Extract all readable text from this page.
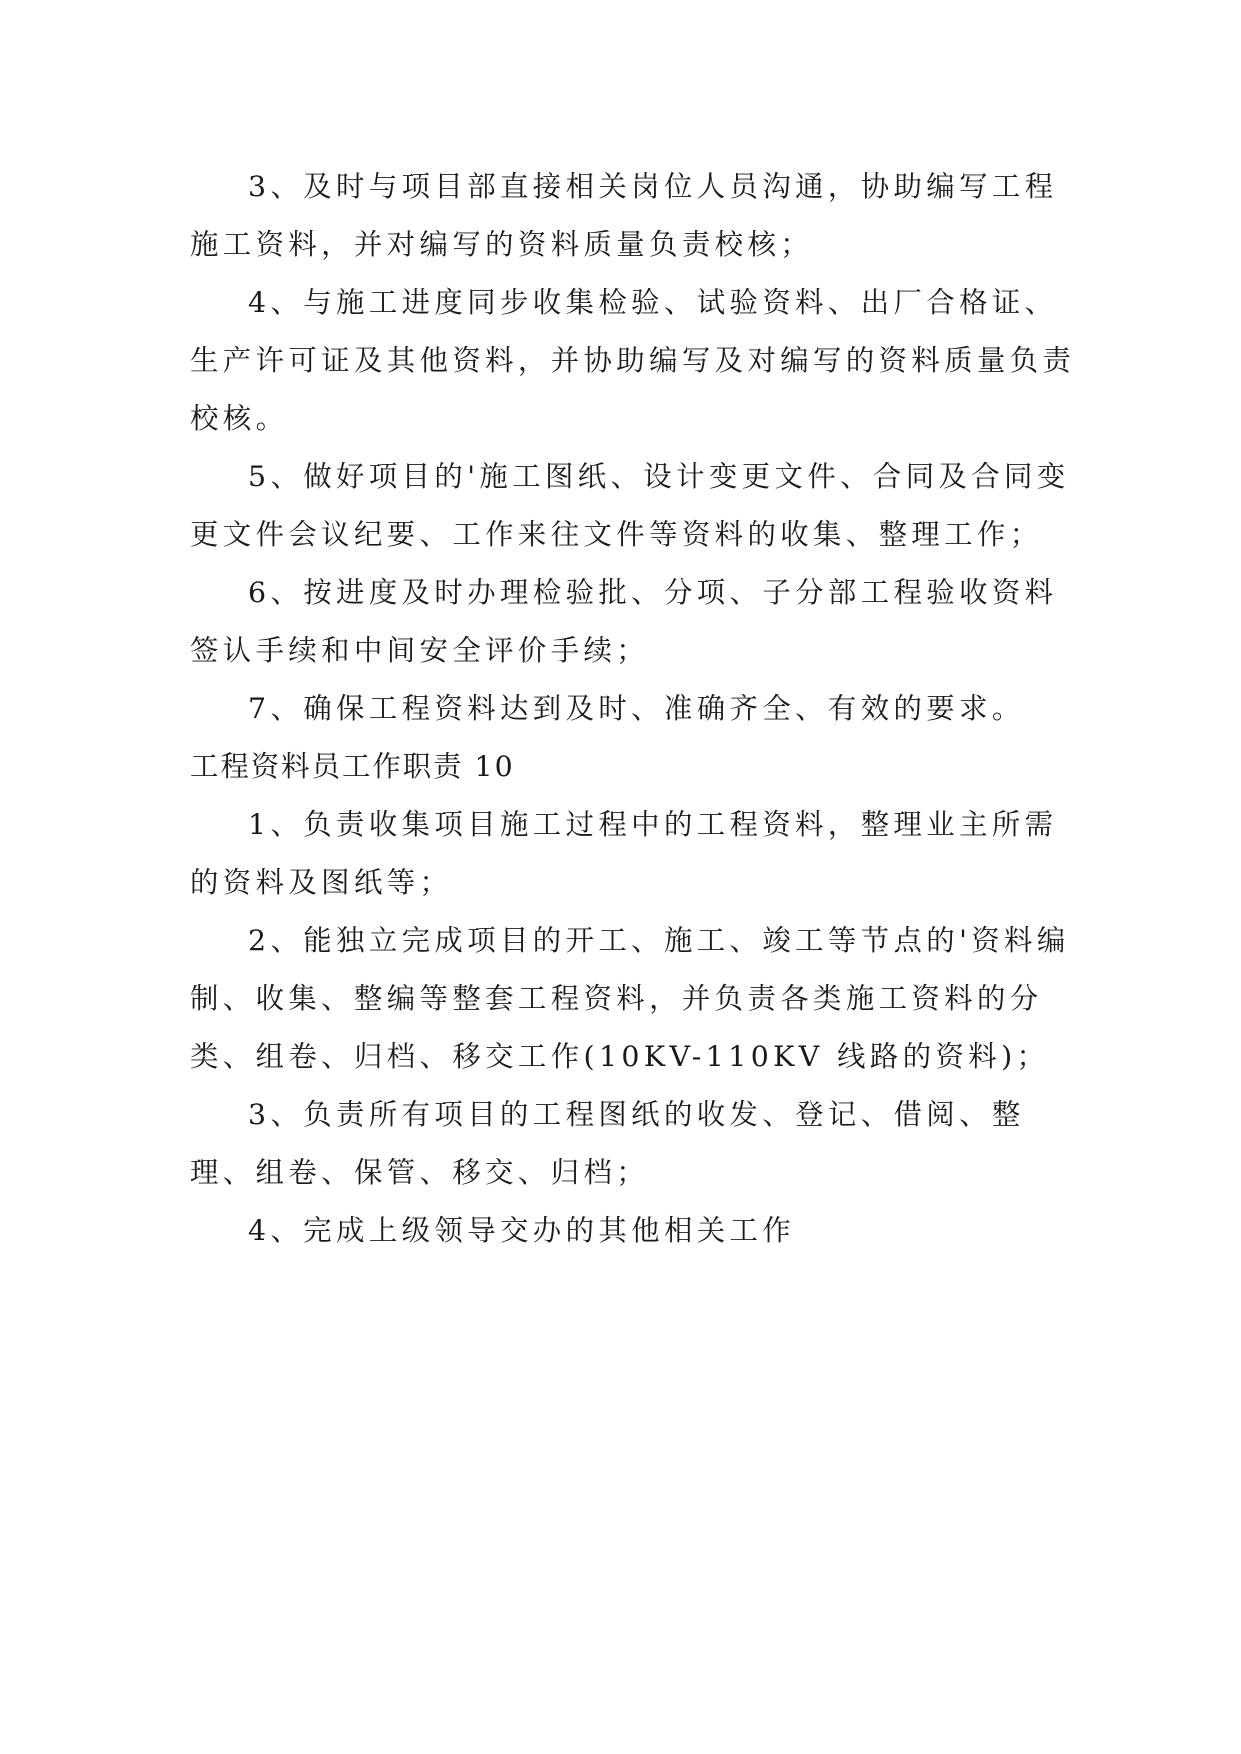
3、及时与项目部直接相关岗位人员沟通，协助编写工程施工资料，并对编写的资料质量负责校核；

4、与施工进度同步收集检验、试验资料、出厂合格证、生产许可证及其他资料，并协助编写及对编写的资料质量负责校核。

5、做好项目的'施工图纸、设计变更文件、合同及合同变更文件会议纪要、工作来往文件等资料的收集、整理工作；

6、按进度及时办理检验批、分项、子分部工程验收资料签认手续和中间安全评价手续；

7、确保工程资料达到及时、准确齐全、有效的要求。

工程资料员工作职责 10

1、负责收集项目施工过程中的工程资料，整理业主所需的资料及图纸等；

2、能独立完成项目的开工、施工、竣工等节点的'资料编制、收集、整编等整套工程资料，并负责各类施工资料的分类、组卷、归档、移交工作(10KV-110KV 线路的资料)；

3、负责所有项目的工程图纸的收发、登记、借阅、整理、组卷、保管、移交、归档；

4、完成上级领导交办的其他相关工作
